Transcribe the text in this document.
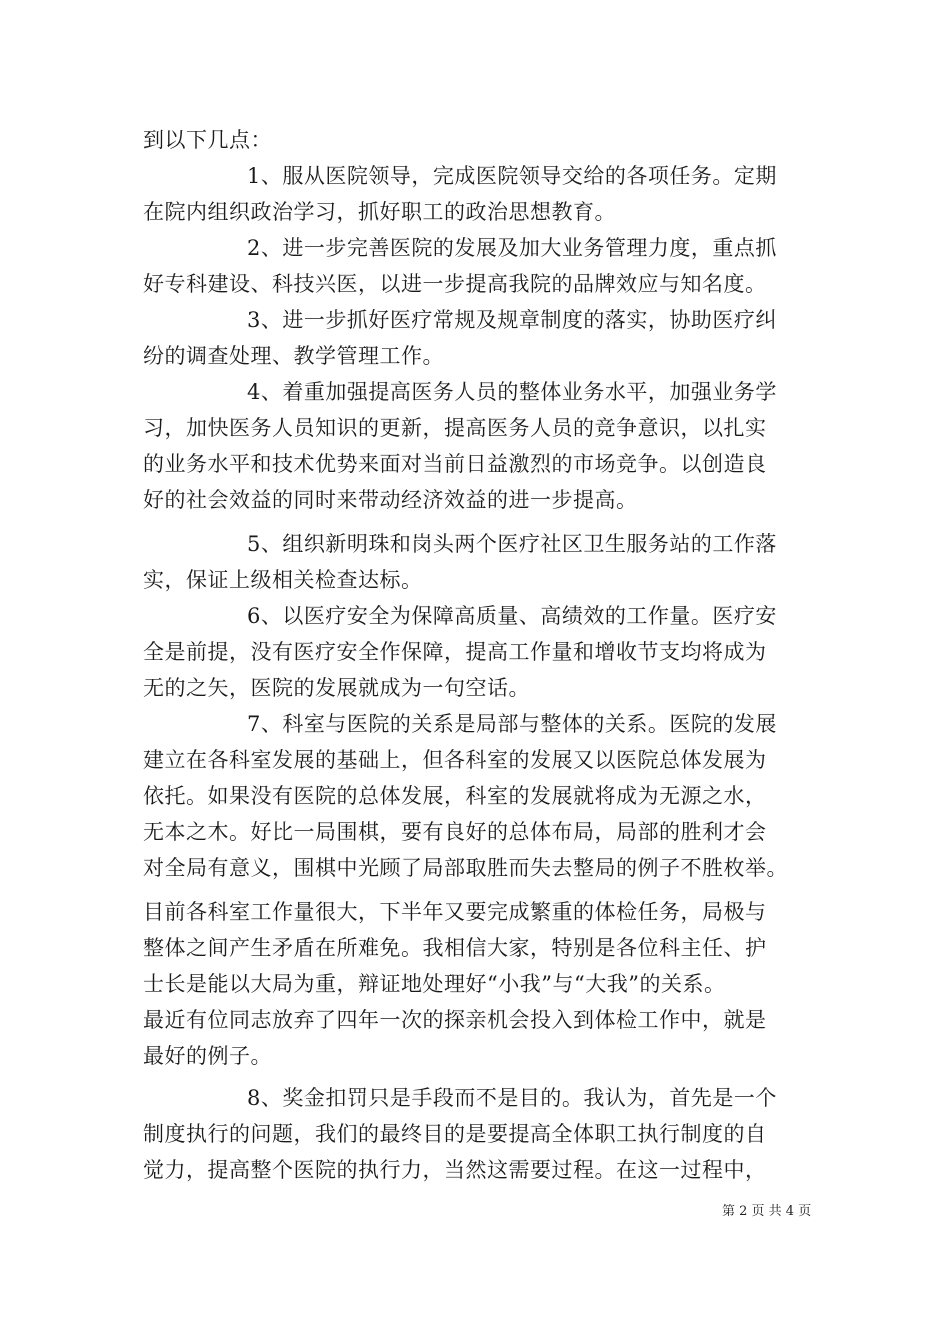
到以下几点：

1、服从医院领导，完成医院领导交给的各项任务。定期

在院内组织政治学习，抓好职工的政治思想教育。

2、进一步完善医院的发展及加大业务管理力度，重点抓

好专科建设、科技兴医，以进一步提高我院的品牌效应与知名度。

3、进一步抓好医疗常规及规章制度的落实，协助医疗纠

纷的调查处理、教学管理工作。

4、着重加强提高医务人员的整体业务水平，加强业务学

习，加快医务人员知识的更新，提高医务人员的竞争意识，以扎实

的业务水平和技术优势来面对当前日益激烈的市场竞争。以创造良

好的社会效益的同时来带动经济效益的进一步提高。

5、组织新明珠和岗头两个医疗社区卫生服务站的工作落

实，保证上级相关检查达标。

6、以医疗安全为保障高质量、高绩效的工作量。医疗安

全是前提，没有医疗安全作保障，提高工作量和增收节支均将成为

无的之矢，医院的发展就成为一句空话。

7、科室与医院的关系是局部与整体的关系。医院的发展

建立在各科室发展的基础上，但各科室的发展又以医院总体发展为

依托。如果没有医院的总体发展，科室的发展就将成为无源之水，

无本之木。好比一局围棋，要有良好的总体布局，局部的胜利才会

对全局有意义，围棋中光顾了局部取胜而失去整局的例子不胜枚举。

目前各科室工作量很大，下半年又要完成繁重的体检任务，局极与

整体之间产生矛盾在所难免。我相信大家，特别是各位科主任、护

士长是能以大局为重，辩证地处理好“小我”与“大我”的关系。

最近有位同志放弃了四年一次的探亲机会投入到体检工作中，就是

最好的例子。

8、奖金扣罚只是手段而不是目的。我认为，首先是一个

制度执行的问题，我们的最终目的是要提高全体职工执行制度的自

觉力，提高整个医院的执行力，当然这需要过程。在这一过程中，

第 2 页 共 4 页
